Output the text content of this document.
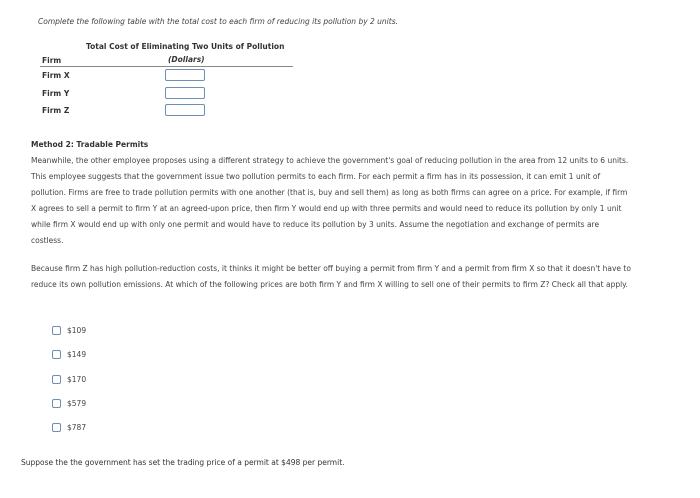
Complete the following table with the total cost to each firm of reducing its pollution by 2 units.
Total Cost of Eliminating Two Units of Pollution
(Dollars)
Firm
Firm X
Firm Y
Firm Z
Method 2: Tradable Permits
Meanwhile, the other employee proposes using a different strategy to achieve the government's goal of reducing pollution in the area from 12 units to 6 units. This employee suggests that the government issue two pollution permits to each firm. For each permit a firm has in its possession, it can emit 1 unit of pollution. Firms are free to trade pollution permits with one another (that is, buy and sell them) as long as both firms can agree on a price. For example, if firm X agrees to sell a permit to firm Y at an agreed-upon price, then firm Y would end up with three permits and would need to reduce its pollution by only 1 unit while firm X would end up with only one permit and would have to reduce its pollution by 3 units. Assume the negotiation and exchange of permits are costless.
Because firm Z has high pollution-reduction costs, it thinks it might be better off buying a permit from firm Y and a permit from firm X so that it doesn't have to reduce its own pollution emissions. At which of the following prices are both firm Y and firm X willing to sell one of their permits to firm Z? Check all that apply.
$109
$149
$170
$579
$787
Suppose the the government has set the trading price of a permit at $498 per permit.
